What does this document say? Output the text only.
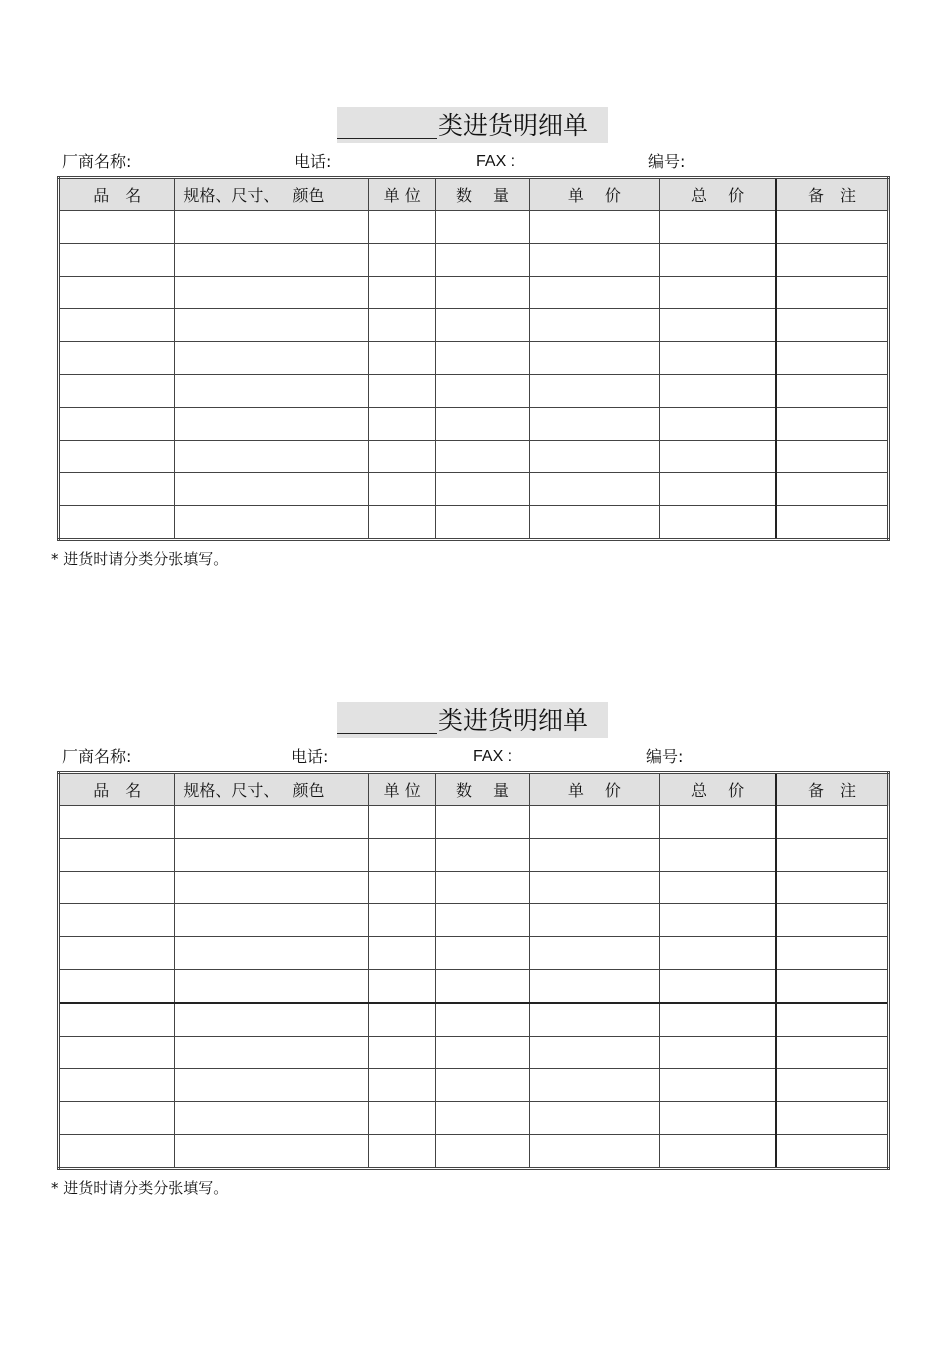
类进货明细单
厂商名称:	电话:	FAX :	编号:
品　名	规格、尺寸、　 颜色	单 位	数　 量	单　 价	总　 价	备　注

* 进货时请分类分张填写。
类进货明细单
厂商名称:	电话:	FAX :	编号:
品　名	规格、尺寸、　 颜色	单 位	数　 量	单　 价	总　 价	备　注

* 进货时请分类分张填写。
